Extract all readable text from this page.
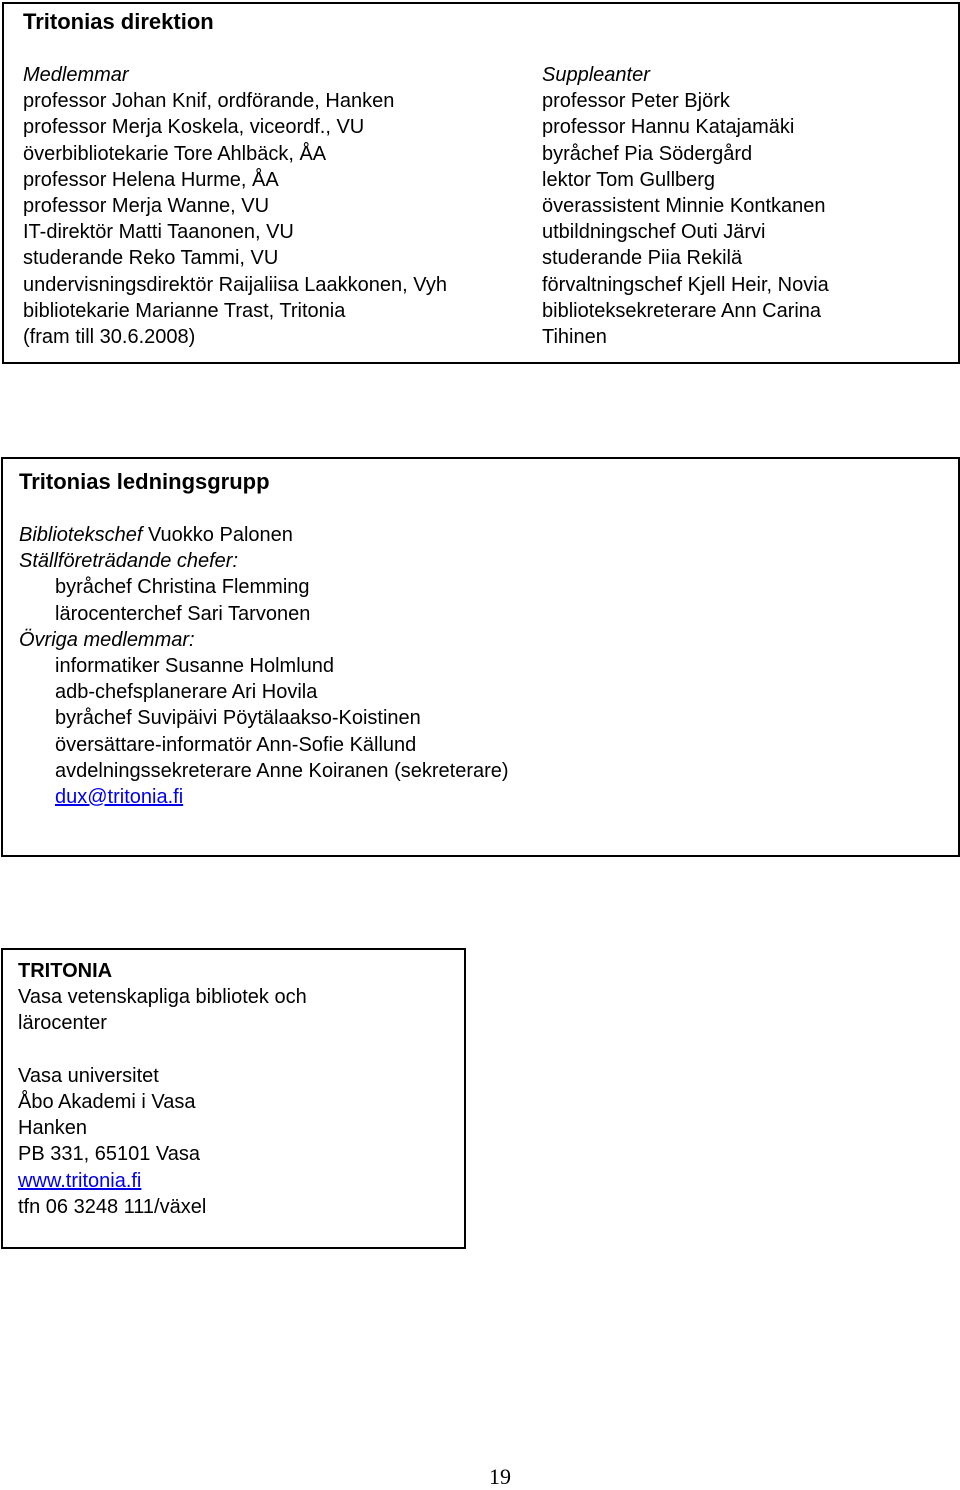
Tritonias direktion
Medlemmar
professor Johan Knif, ordförande, Hanken
professor Merja Koskela, viceordf., VU
överbibliotekarie Tore Ahlbäck, ÅA
professor Helena Hurme, ÅA
professor Merja Wanne, VU
IT-direktör Matti Taanonen, VU
studerande Reko Tammi, VU
undervisningsdirektör Raijaliisa Laakkonen, Vyh
bibliotekarie Marianne Trast, Tritonia
(fram till 30.6.2008)
Suppleanter
professor Peter Björk
professor Hannu Katajamäki
byråchef Pia Södergård
lektor Tom Gullberg
överassistent Minnie Kontkanen
utbildningschef Outi Järvi
studerande Piia Rekilä
förvaltningschef Kjell Heir, Novia
biblioteksekreterare Ann Carina
Tihinen
Tritonias ledningsgrupp
Bibliotekschef Vuokko Palonen
Ställföreträdande chefer:
byråchef Christina Flemming
lärocenterchef Sari Tarvonen
Övriga medlemmar:
informatiker Susanne Holmlund
adb-chefsplanerare Ari Hovila
byråchef Suvipäivi Pöytälaakso-Koistinen
översättare-informatör Ann-Sofie Källund
avdelningssekreterare Anne Koiranen (sekreterare)
dux@tritonia.fi
TRITONIA
Vasa vetenskapliga bibliotek och
lärocenter
Vasa universitet
Åbo Akademi i Vasa
Hanken
PB 331, 65101 Vasa
www.tritonia.fi
tfn 06 3248 111/växel
19
